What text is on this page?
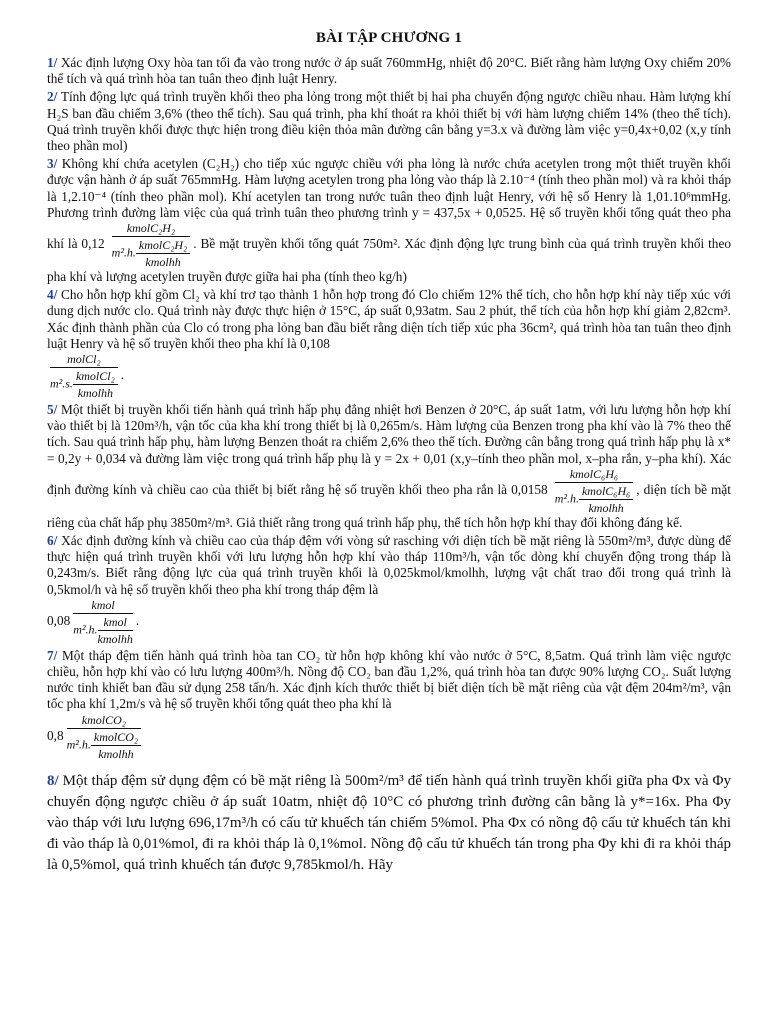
BÀI TẬP CHƯƠNG 1

1/ Xác định lượng Oxy hòa tan tối đa vào trong nước ở áp suất 760mmHg, nhiệt độ 20°C. Biết rằng hàm lượng Oxy chiếm 20% thể tích và quá trình hòa tan tuân theo định luật Henry.

2/ Tính động lực quá trình truyền khối theo pha lỏng trong một thiết bị hai pha chuyển động ngược chiều nhau. Hàm lượng khí H₂S ban đầu chiếm 3,6% (theo thể tích). Sau quá trình, pha khí thoát ra khỏi thiết bị với hàm lượng chiếm 14% (theo thể tích). Quá trình truyền khối được thực hiện trong điều kiện thỏa mãn đường cân bằng y=3.x và đường làm việc y=0,4x+0,02 (x,y tính theo phần mol)

3/ Không khí chứa acetylen (C₂H₂) cho tiếp xúc ngược chiều với pha lỏng là nước chứa acetylen trong một thiết truyền khối được vận hành ở áp suất 765mmHg. Hàm lượng acetylen trong pha lỏng vào tháp là 2.10⁻⁴ (tính theo phần mol) và ra khỏi tháp là 1,2.10⁻⁴ (tính theo phần mol). Khí acetylen tan trong nước tuân theo định luật Henry, với hệ số Henry là 1,01.10⁶mmHg. Phương trình đường làm việc của quá trình tuân theo phương trình y = 437,5x + 0,0525. Hệ số truyền khối tổng quát theo pha khí là 0,12 kmolC₂H₂
m².h.
kmolC₂H₂
kmolhh . Bề mặt truyền khối tổng quát 750m². Xác định động lực trung bình của quá trình truyền khối theo pha khí và lượng acetylen truyền được giữa hai pha (tính theo kg/h)

4/ Cho hỗn hợp khí gồm Cl₂ và khí trơ tạo thành 1 hỗn hợp trong đó Clo chiếm 12% thể tích, cho hỗn hợp khí này tiếp xúc với dung dịch nước clo. Quá trình này được thực hiện ở 15°C, áp suất 0,93atm. Sau 2 phút, thể tích của hỗn hợp khí giảm 2,82cm³. Xác định thành phần của Clo có trong pha lỏng ban đầu biết rằng diện tích tiếp xúc pha 36cm², quá trình hòa tan tuân theo định luật Henry và hệ số truyền khối theo pha khí là 0,108

molCl₂
m².s.
kmolCl₂
kmolhh .

5/ Một thiết bị truyền khối tiến hành quá trình hấp phụ đẳng nhiệt hơi Benzen ở 20°C, áp suất 1atm, với lưu lượng hỗn hợp khí vào thiết bị là 120m³/h, vận tốc của kha khí trong thiết bị là 0,265m/s. Hàm lượng của Benzen trong pha khí vào là 7% theo thể tích. Sau quá trình hấp phụ, hàm lượng Benzen thoát ra chiếm 2,6% theo thể tích. Đường cân bằng trong quá trình hấp phụ là x* = 0,2y + 0,034 và đường làm việc trong quá trình hấp phụ là y = 2x + 0,01 (x,y–tính theo phần mol, x–pha rắn, y–pha khí). Xác định đường kính và chiều cao của thiết bị biết rằng hệ số truyền khối theo pha rắn là 0,0158 kmolC₆H₆
m².h.
kmolC₆H₆
kmolhh , diện tích bề mặt riêng của chất hấp phụ 3850m²/m³. Giả thiết rằng trong quá trình hấp phụ, thể tích hỗn hợp khí thay đổi không đáng kể.

6/ Xác định đường kính và chiều cao của tháp đệm với vòng sứ rasching với diện tích bề mặt riêng là 550m²/m³, được dùng để thực hiện quá trình truyền khối với lưu lượng hỗn hợp khí vào tháp 110m³/h, vận tốc dòng khí chuyển động trong tháp là 0,243m/s. Biết rằng động lực của quá trình truyền khối là 0,025kmol/kmolhh, lượng vật chất trao đổi trong quá trình là 0,5kmol/h và hệ số truyền khối theo pha khí trong tháp đệm là
0,08 kmol
m².h.
kmol
kmolhh .

7/ Một tháp đệm tiến hành quá trình hòa tan CO₂ từ hỗn hợp không khí vào nước ở 5°C, 8,5atm. Quá trình làm việc ngược chiều, hỗn hợp khí vào có lưu lượng 400m³/h. Nồng độ CO₂ ban đầu 1,2%, quá trình hòa tan được 90% lượng CO₂. Suất lượng nước tinh khiết ban đầu sử dụng 258 tấn/h. Xác định kích thước thiết bị biết diện tích bề mặt riêng của vật đệm 204m²/m³, vận tốc pha khí 1,2m/s và hệ số truyền khối tổng quát theo pha khí là
0,8 kmolCO₂
m².h.
kmolCO₂
kmolhh

8/ Một tháp đệm sử dụng đệm có bề mặt riêng là 500m²/m³ để tiến hành quá trình truyền khối giữa pha Φx và Φy chuyển động ngược chiều ở áp suất 10atm, nhiệt độ 10°C có phương trình đường cân bằng là y*=16x. Pha Φy vào tháp với lưu lượng 696,17m³/h có cấu tử khuếch tán chiếm 5%mol. Pha Φx có nồng độ cấu tử khuếch tán khi đi vào tháp là 0,01%mol, đi ra khỏi tháp là 0,1%mol. Nồng độ cấu tử khuếch tán trong pha Φy khi đi ra khỏi tháp là 0,5%mol, quá trình khuếch tán được 9,785kmol/h. Hãy
